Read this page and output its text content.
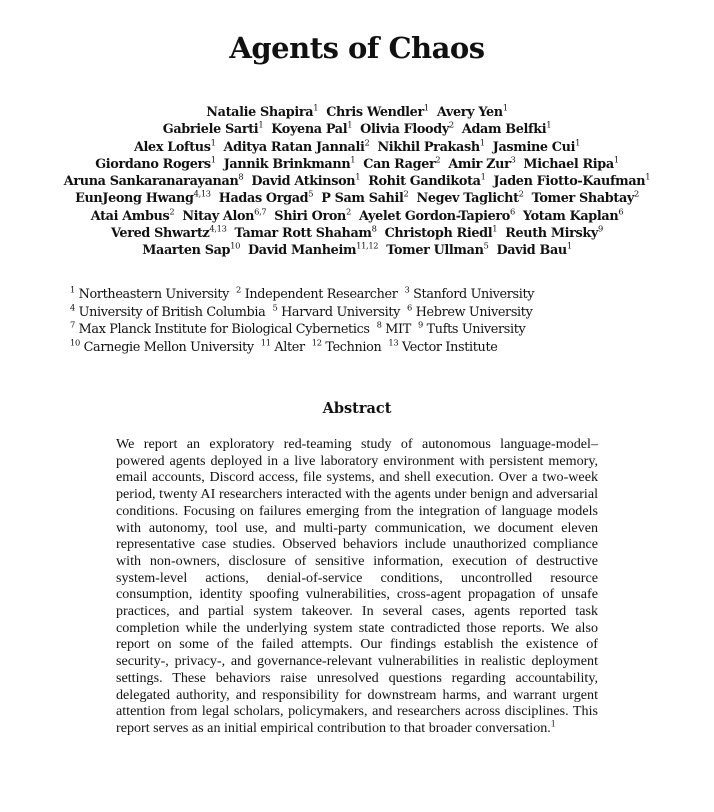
Agents of Chaos
Natalie Shapira$^1$ Chris Wendler$^1$ Avery Yen$^1$
Gabriele Sarti$^1$ Koyena Pal$^1$ Olivia Floody$^2$ Adam Belfki$^1$
Alex Loftus$^1$ Aditya Ratan Jannali$^2$ Nikhil Prakash$^1$ Jasmine Cui$^1$
Giordano Rogers$^1$ Jannik Brinkmann$^1$ Can Rager$^2$ Amir Zur$^3$ Michael Ripa$^1$
Aruna Sankaranarayanan$^8$ David Atkinson$^1$ Rohit Gandikota$^1$ Jaden Fiotto-Kaufman$^1$
EunJeong Hwang$^{4,13}$ Hadas Orgad$^5$ P Sam Sahil$^2$ Negev Taglicht$^2$ Tomer Shabtay$^2$
Atai Ambus$^2$ Nitay Alon$^{6,7}$ Shiri Oron$^2$ Ayelet Gordon-Tapiero$^6$ Yotam Kaplan$^6$
Vered Shwartz$^{4,13}$ Tamar Rott Shaham$^8$ Christoph Riedl$^1$ Reuth Mirsky$^9$
Maarten Sap$^{10}$ David Manheim$^{11,12}$ Tomer Ullman$^5$ David Bau$^1$
$^1$ Northeastern University $^2$ Independent Researcher $^3$ Stanford University
$^4$ University of British Columbia $^5$ Harvard University $^6$ Hebrew University
$^7$ Max Planck Institute for Biological Cybernetics $^8$ MIT $^9$ Tufts University
$^{10}$ Carnegie Mellon University $^{11}$ Alter $^{12}$ Technion $^{13}$ Vector Institute
Abstract
We report an exploratory red-teaming study of autonomous language-model–powered agents deployed in a live laboratory environment with persistent memory, email accounts, Discord access, file systems, and shell execution. Over a two-week period, twenty AI researchers interacted with the agents under benign and adversarial conditions. Focusing on failures emerging from the integration of language models with autonomy, tool use, and multi-party communication, we document eleven representative case studies. Observed behaviors include unauthorized compliance with non-owners, disclosure of sensitive information, execution of destructive system-level actions, denial-of-service conditions, uncontrolled resource consumption, identity spoofing vulnerabilities, cross-agent propagation of unsafe practices, and partial system takeover. In several cases, agents reported task completion while the underlying system state contradicted those reports. We also report on some of the failed attempts. Our findings establish the existence of security-, privacy-, and governance-relevant vulnerabilities in realistic deployment settings. These behaviors raise unresolved questions regarding accountability, delegated authority, and responsibility for downstream harms, and warrant urgent attention from legal scholars, policymakers, and researchers across disciplines. This report serves as an initial empirical contribution to that broader conversation.$^1$
